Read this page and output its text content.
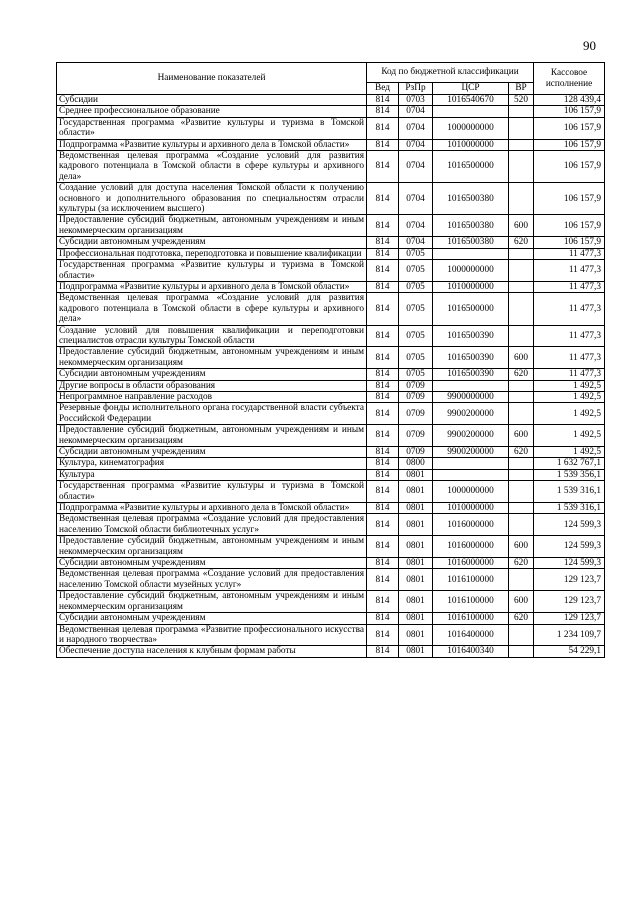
90
Наименование показателей	Код по бюджетной классификации				Кассовое исполнение
	Вед	РзПр	ЦСР	ВР	
Субсидии	814	0703	1016540670	520	128 439,4
Среднее профессиональное образование	814	0704			106 157,9
Государственная программа «Развитие культуры и туризма в Томской области»	814	0704	1000000000		106 157,9
Подпрограмма «Развитие культуры и архивного дела в Томской области»	814	0704	1010000000		106 157,9
Ведомственная целевая программа «Создание условий для развития кадрового потенциала в Томской области в сфере культуры и архивного дела»	814	0704	1016500000		106 157,9
Создание условий для доступа населения Томской области к получению основного и дополнительного образования по специальностям отрасли культуры (за исключением высшего)	814	0704	1016500380		106 157,9
Предоставление субсидий бюджетным, автономным учреждениям и иным некоммерческим организациям	814	0704	1016500380	600	106 157,9
Субсидии автономным учреждениям	814	0704	1016500380	620	106 157,9
Профессиональная подготовка, переподготовка и повышение квалификации	814	0705			11 477,3
Государственная программа «Развитие культуры и туризма в Томской области»	814	0705	1000000000		11 477,3
Подпрограмма «Развитие культуры и архивного дела в Томской области»	814	0705	1010000000		11 477,3
Ведомственная целевая программа «Создание условий для развития кадрового потенциала в Томской области в сфере культуры и архивного дела»	814	0705	1016500000		11 477,3
Создание условий для повышения квалификации и переподготовки специалистов отрасли культуры Томской области	814	0705	1016500390		11 477,3
Предоставление субсидий бюджетным, автономным учреждениям и иным некоммерческим организациям	814	0705	1016500390	600	11 477,3
Субсидии автономным учреждениям	814	0705	1016500390	620	11 477,3
Другие вопросы в области образования	814	0709			1 492,5
Непрограммное направление расходов	814	0709	9900000000		1 492,5
Резервные фонды исполнительного органа государственной власти субъекта Российской Федерации	814	0709	9900200000		1 492,5
Предоставление субсидий бюджетным, автономным учреждениям и иным некоммерческим организациям	814	0709	9900200000	600	1 492,5
Субсидии автономным учреждениям	814	0709	9900200000	620	1 492,5
Культура, кинематография	814	0800			1 632 767,1
Культура	814	0801			1 539 356,1
Государственная программа «Развитие культуры и туризма в Томской области»	814	0801	1000000000		1 539 316,1
Подпрограмма «Развитие культуры и архивного дела в Томской области»	814	0801	1010000000		1 539 316,1
Ведомственная целевая программа «Создание условий для предоставления населению Томской области библиотечных услуг»	814	0801	1016000000		124 599,3
Предоставление субсидий бюджетным, автономным учреждениям и иным некоммерческим организациям	814	0801	1016000000	600	124 599,3
Субсидии автономным учреждениям	814	0801	1016000000	620	124 599,3
Ведомственная целевая программа «Создание условий для предоставления населению Томской области музейных услуг»	814	0801	1016100000		129 123,7
Предоставление субсидий бюджетным, автономным учреждениям и иным некоммерческим организациям	814	0801	1016100000	600	129 123,7
Субсидии автономным учреждениям	814	0801	1016100000	620	129 123,7
Ведомственная целевая программа «Развитие профессионального искусства и народного творчества»	814	0801	1016400000		1 234 109,7
Обеспечение доступа населения к клубным формам работы	814	0801	1016400340		54 229,1
